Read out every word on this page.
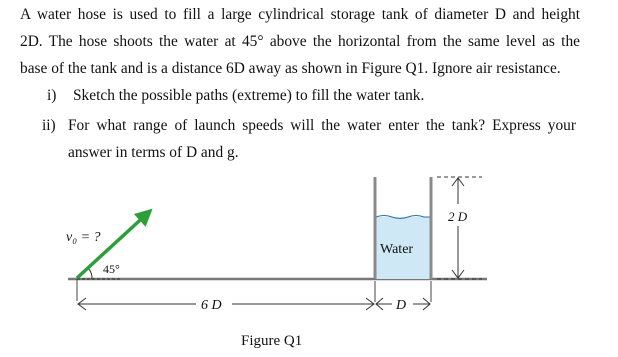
A water hose is used to fill a large cylindrical storage tank of diameter D and height
2D. The hose shoots the water at 45° above the horizontal from the same level as the
base of the tank and is a distance 6D away as shown in Figure Q1. Ignore air resistance.
i) Sketch the possible paths (extreme) to fill the water tank.
ii) For what range of launch speeds will the water enter the tank? Express your
answer in terms of D and g.
v₀ = ?
45°
Water
2 D
6 D	D
Figure Q1
